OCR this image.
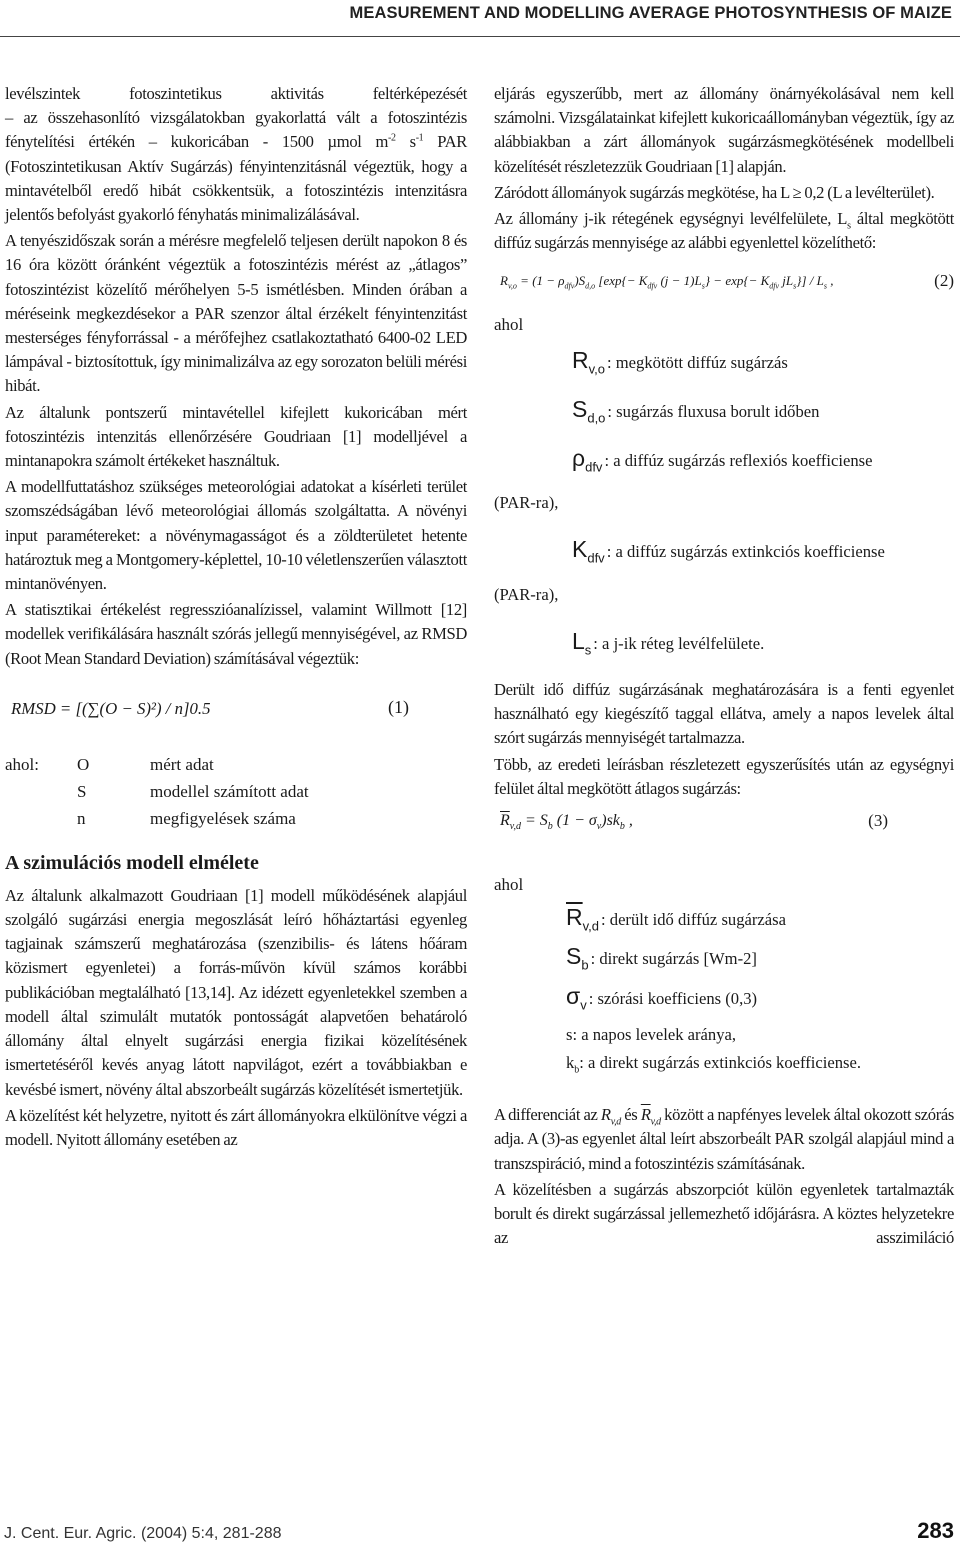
MEASUREMENT AND MODELLING AVERAGE PHOTOSYNTHESIS OF MAIZE

levélszintek fotoszintetikus aktivitás feltérképezését
– az összehasonlító vizsgálatokban gyakorlattá vált a fotoszintézis fénytelítési értékén – kukoricában - 1500 µmol $m^{-2}$ $s^{-1}$ PAR (Fotoszintetikusan Aktív Sugárzás) fényintenzitásnál végeztük, hogy a mintavételből eredő hibát csökkentsük, a fotoszintézis intenzitásra jelentős befolyást gyakorló fényhatás minimalizálásával.

A tenyészidőszak során a mérésre megfelelő teljesen derült napokon 8 és 16 óra között óránként végeztük a fotoszintézis mérést az „átlagos” fotoszintézist közelítő mérőhelyen 5-5 ismétlésben. Minden órában a méréseink megkezdésekor a PAR szenzor által érzékelt fényintenzitást mesterséges fényforrással - a mérőfejhez csatlakoztatható 6400-02 LED lámpával - biztosítottuk, így minimalizálva az egy sorozaton belüli mérési hibát.

Az általunk pontszerű mintavétellel kifejlett kukoricában mért fotoszintézis intenzitás ellenőrzésére Goudriaan [1] modelljével a mintanapokra számolt értékeket használtuk.

A modellfuttatáshoz szükséges meteorológiai adatokat a kísérleti terület szomszédságában lévő meteorológiai állomás szolgáltatta. A növényi input paramétereket: a növénymagasságot és a zöldterületet hetente határoztuk meg a Montgomery-képlettel, 10-10 véletlenszerűen választott mintanövényen.

A statisztikai értékelést regresszióanalízissel, valamint Willmott [12] modellek verifikálására használt szórás jellegű mennyiségével, az RMSD (Root Mean Standard Deviation) számításával végeztük:

RMSD = [(∑(O − S)²) / n]0.5	(1)
ahol:	O	mért adat
	S	modellel számított adat
	n	megfigyelések száma
A szimulációs modell elmélete

Az általunk alkalmazott Goudriaan [1] modell működésének alapjául szolgáló sugárzási energia megoszlását leíró hőháztartási egyenleg tagjainak számszerű meghatározása (szenzibilis- és látens hőáram közismert egyenletei) a forrás-művön kívül számos korábbi publikációban megtalálható [13,14]. Az idézett egyenletekkel szemben a modell által szimulált mutatók pontosságát alapvetően behatároló állomány által elnyelt sugárzási energia fizikai közelítésének ismertetéséről kevés anyag látott napvilágot, ezért a továbbiakban e kevésbé ismert, növény által abszorbeált sugárzás közelítését ismertetjük.

A közelítést két helyzetre, nyitott és zárt állományokra elkülönítve végzi a modell. Nyitott állomány esetében az

eljárás egyszerűbb, mert az állomány önárnyékolásával nem kell számolni. Vizsgálatainkat kifejlett kukoricaállományban végeztük, így az alábbiakban a zárt állományok sugárzásmegkötésének modellbeli közelítését részletezzük Goudriaan [1] alapján.

Záródott állományok sugárzás megkötése, ha L ≥ 0,2 (L a levélterület).

Az állomány j-ik rétegének egységnyi levélfelülete, $L_s$ által megkötött diffúz sugárzás mennyisége az alábbi egyenlettel közelíthető:

$R_{v,o} = (1 - \rho_{dfv})S_{d,o}$ [$\exp\{- K_{dfv}$ $(j - 1)L_s\} - \exp\{- K_{dfv}$ $jL_s\}] / L_s$ ,	(2)

ahol

$R_{v,o}$ : megkötött diffúz sugárzás
$S_{d,o}$ : sugárzás fluxusa borult időben
$\rho_{dfv}$ : a diffúz sugárzás reflexiós koefficiense

(PAR-ra),

$K_{dfv}$ : a diffúz sugárzás extinkciós koefficiense

(PAR-ra),

$L_s$ : a j-ik réteg levélfelülete.

Derült idő diffúz sugárzásának meghatározására is a fenti egyenlet használható egy kiegészítő taggal ellátva, amely a napos levelek által szórt sugárzás mennyiségét tartalmazza.

Több, az eredeti leírásban részletezett egyszerűsítés után az egységnyi felület által megkötött átlagos sugárzás:

$\overline{R}_{v,d} = S_b$ $(1 - \sigma_v)sk_b$ ,	(3)

ahol

$\overline{R}_{v,d}$ : derült idő diffúz sugárzása
$S_b$ : direkt sugárzás [Wm-2]
$\sigma_v$ : szórási koefficiens (0,3)

s: a napos levelek aránya,

$k_b$: a direkt sugárzás extinkciós koefficiense.

A differenciát az $R_{v,d}$ és $\overline{R}_{v,d}$ között a napfényes levelek által okozott szórás adja. A (3)-as egyenlet által leírt abszorbeált PAR szolgál alapjául mind a transzspiráció, mind a fotoszintézis számításának.

A közelítésben a sugárzás abszorpciót külön egyenletek tartalmazták borult és direkt sugárzással jellemezhető időjárásra. A köztes helyzetekre az asszimiláció

J. Cent. Eur. Agric. (2004) 5:4, 281-288	283
